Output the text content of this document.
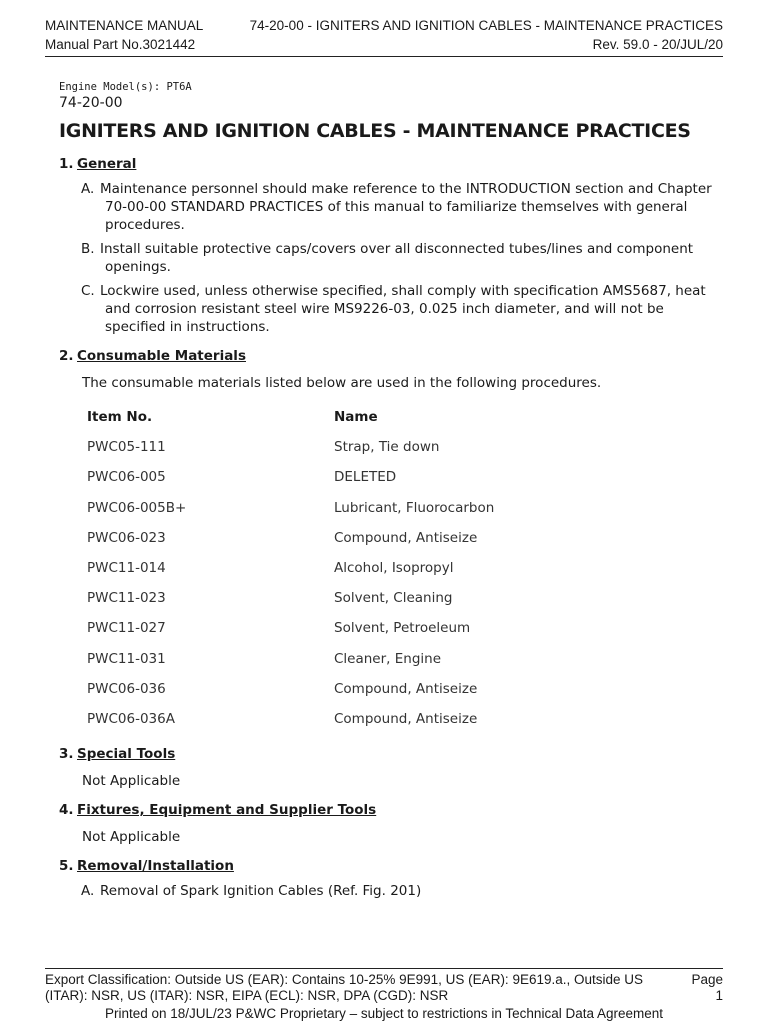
MAINTENANCE MANUAL
Manual Part No.3021442
74-20-00 - IGNITERS AND IGNITION CABLES - MAINTENANCE PRACTICES
Rev. 59.0 - 20/JUL/20
Engine Model(s): PT6A
74-20-00
IGNITERS AND IGNITION CABLES - MAINTENANCE PRACTICES
1. General
A. Maintenance personnel should make reference to the INTRODUCTION section and Chapter 70-00-00 STANDARD PRACTICES of this manual to familiarize themselves with general procedures.
B. Install suitable protective caps/covers over all disconnected tubes/lines and component openings.
C. Lockwire used, unless otherwise specified, shall comply with specification AMS5687, heat and corrosion resistant steel wire MS9226-03, 0.025 inch diameter, and will not be specified in instructions.
2. Consumable Materials
The consumable materials listed below are used in the following procedures.
Item No.	Name
PWC05-111	Strap, Tie down
PWC06-005	DELETED
PWC06-005B+	Lubricant, Fluorocarbon
PWC06-023	Compound, Antiseize
PWC11-014	Alcohol, Isopropyl
PWC11-023	Solvent, Cleaning
PWC11-027	Solvent, Petroeleum
PWC11-031	Cleaner, Engine
PWC06-036	Compound, Antiseize
PWC06-036A	Compound, Antiseize
3. Special Tools
Not Applicable
4. Fixtures, Equipment and Supplier Tools
Not Applicable
5. Removal/Installation
A. Removal of Spark Ignition Cables (Ref. Fig. 201)
Export Classification: Outside US (EAR): Contains 10-25% 9E991, US (EAR): 9E619.a., Outside US (ITAR): NSR, US (ITAR): NSR, EIPA (ECL): NSR, DPA (CGD): NSR
Page
1
Printed on 18/JUL/23 P&WC Proprietary – subject to restrictions in Technical Data Agreement
